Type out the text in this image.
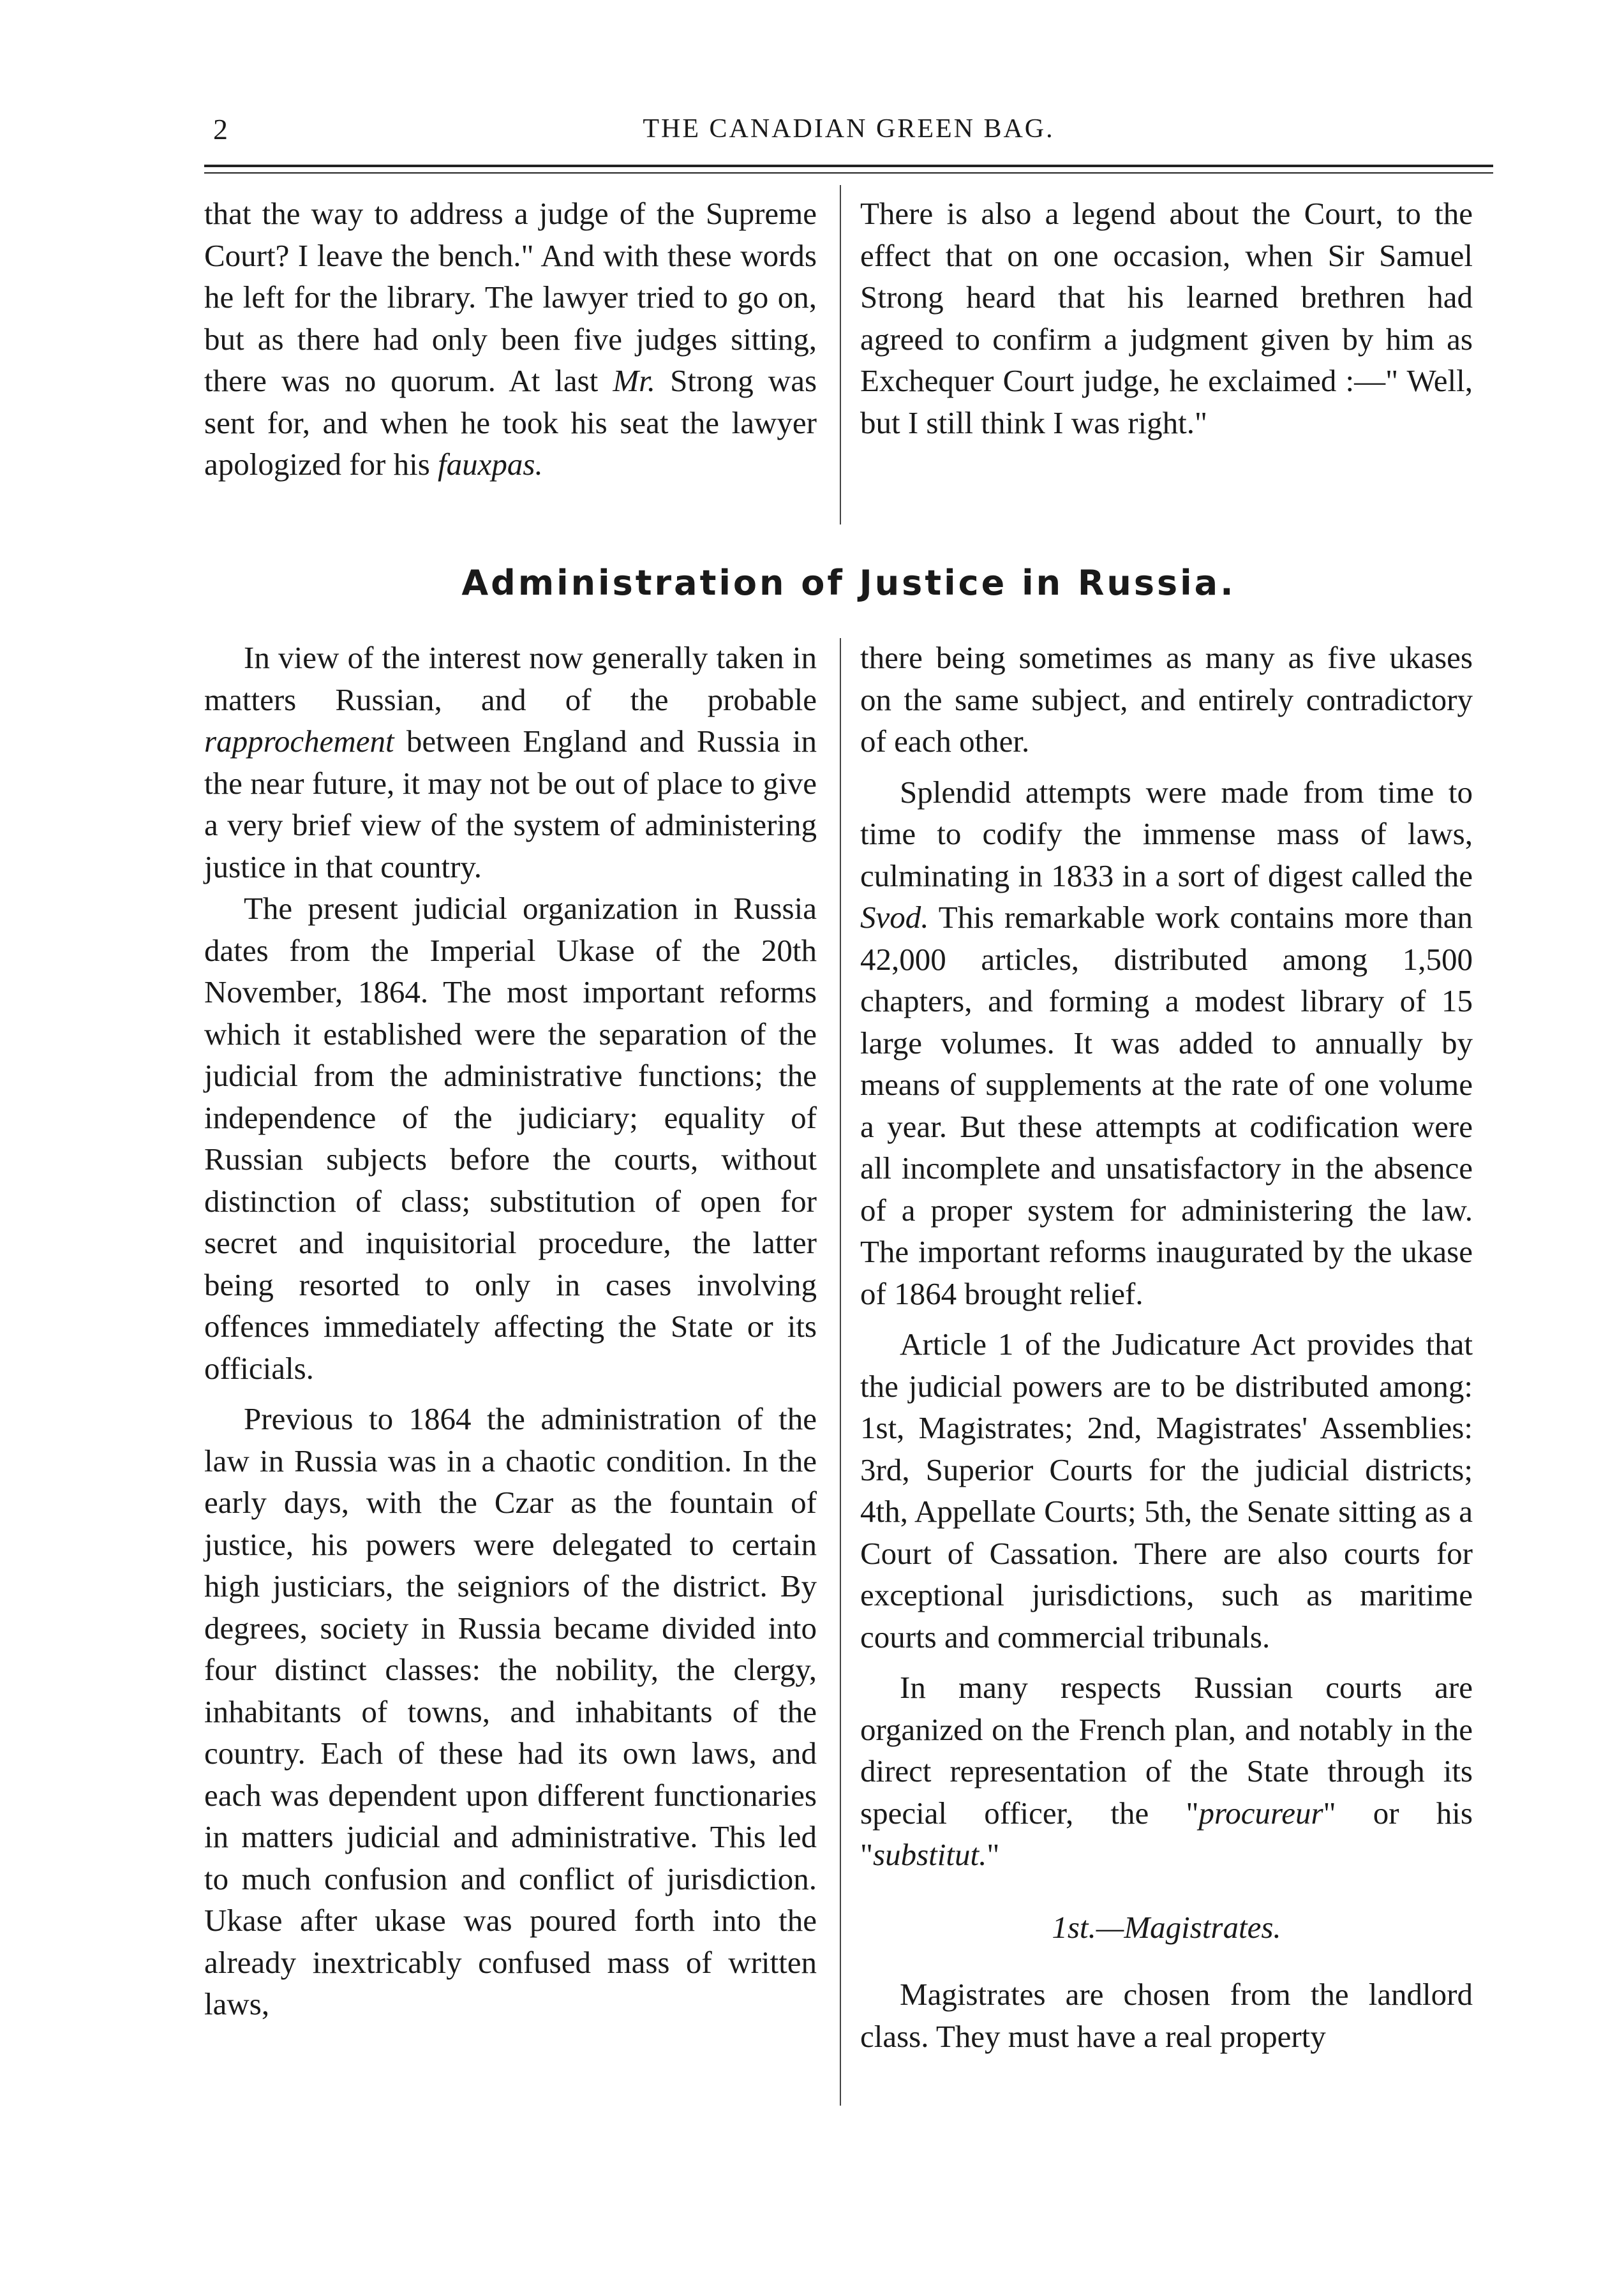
2	THE CANADIAN GREEN BAG.

that the way to address a judge of the Supreme Court? I leave the bench." And with these words he left for the library. The lawyer tried to go on, but as there had only been five judges sitting, there was no quorum. At last Mr. Strong was sent for, and when he took his seat the lawyer apologized for his fauxpas.

There is also a legend about the Court, to the effect that on one occasion, when Sir Samuel Strong heard that his learned brethren had agreed to confirm a judgment given by him as Exchequer Court judge, he exclaimed :—" Well, but I still think I was right."

Administration of Justice in Russia.

In view of the interest now generally taken in matters Russian, and of the probable rapprochement between England and Russia in the near future, it may not be out of place to give a very brief view of the system of administering justice in that country.

The present judicial organization in Russia dates from the Imperial Ukase of the 20th November, 1864. The most important reforms which it established were the separation of the judicial from the administrative functions; the independence of the judiciary; equality of Russian subjects before the courts, without distinction of class; substitution of open for secret and inquisitorial procedure, the latter being resorted to only in cases involving offences immediately affecting the State or its officials.

Previous to 1864 the administration of the law in Russia was in a chaotic condition. In the early days, with the Czar as the fountain of justice, his powers were delegated to certain high justiciars, the seigniors of the district. By degrees, society in Russia became divided into four distinct classes: the nobility, the clergy, inhabitants of towns, and inhabitants of the country. Each of these had its own laws, and each was dependent upon different functionaries in matters judicial and administrative. This led to much confusion and conflict of jurisdiction. Ukase after ukase was poured forth into the already inextricably confused mass of written laws,

there being sometimes as many as five ukases on the same subject, and entirely contradictory of each other.

Splendid attempts were made from time to time to codify the immense mass of laws, culminating in 1833 in a sort of digest called the Svod. This remarkable work contains more than 42,000 articles, distributed among 1,500 chapters, and forming a modest library of 15 large volumes. It was added to annually by means of supplements at the rate of one volume a year. But these attempts at codification were all incomplete and unsatisfactory in the absence of a proper system for administering the law. The important reforms inaugurated by the ukase of 1864 brought relief.

Article 1 of the Judicature Act provides that the judicial powers are to be distributed among: 1st, Magistrates; 2nd, Magistrates' Assemblies: 3rd, Superior Courts for the judicial districts; 4th, Appellate Courts; 5th, the Senate sitting as a Court of Cassation. There are also courts for exceptional jurisdictions, such as maritime courts and commercial tribunals.

In many respects Russian courts are organized on the French plan, and notably in the direct representation of the State through its special officer, the "procureur" or his "substitut."

1st.—Magistrates.

Magistrates are chosen from the landlord class. They must have a real property
